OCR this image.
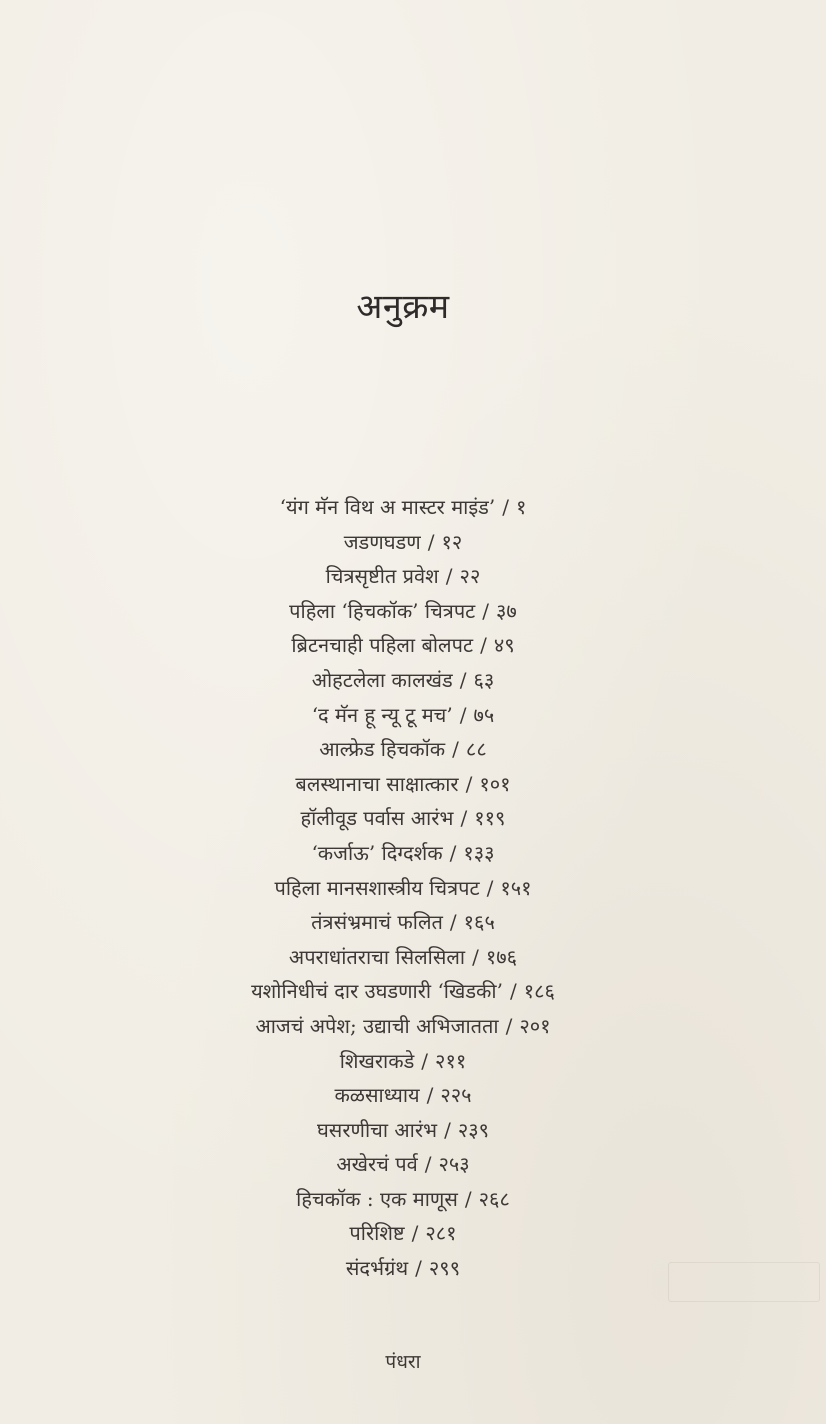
अनुक्रम
‘यंग मॅन विथ अ मास्टर माइंड’ / १
जडणघडण / १२
चित्रसृष्टीत प्रवेश / २२
पहिला ‘हिचकॉक’ चित्रपट / ३७
ब्रिटनचाही पहिला बोलपट / ४९
ओहटलेला कालखंड / ६३
‘द मॅन हू न्यू टू मच’ / ७५
आल्फ्रेड हिचकॉक / ८८
बलस्थानाचा साक्षात्कार / १०१
हॉलीवूड पर्वास आरंभ / ११९
‘कर्जाऊ’ दिग्दर्शक / १३३
पहिला मानसशास्त्रीय चित्रपट / १५१
तंत्रसंभ्रमाचं फलित / १६५
अपराधांतराचा सिलसिला / १७६
यशोनिधीचं दार उघडणारी ‘खिडकी’ / १८६
आजचं अपेश; उद्याची अभिजातता / २०१
शिखराकडे / २११
कळसाध्याय / २२५
घसरणीचा आरंभ / २३९
अखेरचं पर्व / २५३
हिचकॉक : एक माणूस / २६८
परिशिष्ट / २८१
संदर्भग्रंथ / २९९
पंधरा
